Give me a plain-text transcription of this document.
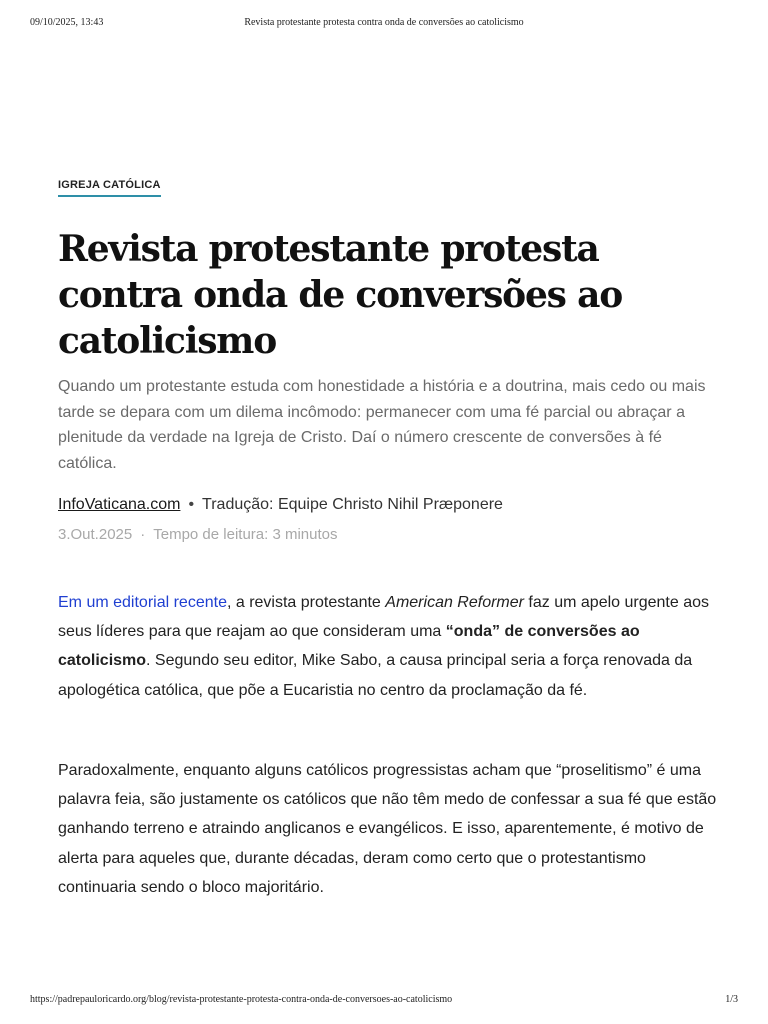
09/10/2025, 13:43	Revista protestante protesta contra onda de conversões ao catolicismo
IGREJA CATÓLICA
Revista protestante protesta contra onda de conversões ao catolicismo

Quando um protestante estuda com honestidade a história e a doutrina, mais cedo ou mais tarde se depara com um dilema incômodo: permanecer com uma fé parcial ou abraçar a plenitude da verdade na Igreja de Cristo. Daí o número crescente de conversões à fé católica.

InfoVaticana.com • Tradução: Equipe Christo Nihil Præponere
3.Out.2025 · Tempo de leitura: 3 minutos

Em um editorial recente, a revista protestante American Reformer faz um apelo urgente aos seus líderes para que reajam ao que consideram uma “onda” de conversões ao catolicismo. Segundo seu editor, Mike Sabo, a causa principal seria a força renovada da apologética católica, que põe a Eucaristia no centro da proclamação da fé.

Paradoxalmente, enquanto alguns católicos progressistas acham que “proselitismo” é uma palavra feia, são justamente os católicos que não têm medo de confessar a sua fé que estão ganhando terreno e atraindo anglicanos e evangélicos. E isso, aparentemente, é motivo de alerta para aqueles que, durante décadas, deram como certo que o protestantismo continuaria sendo o bloco majoritário.

https://padrepauloricardo.org/blog/revista-protestante-protesta-contra-onda-de-conversoes-ao-catolicismo	1/3
